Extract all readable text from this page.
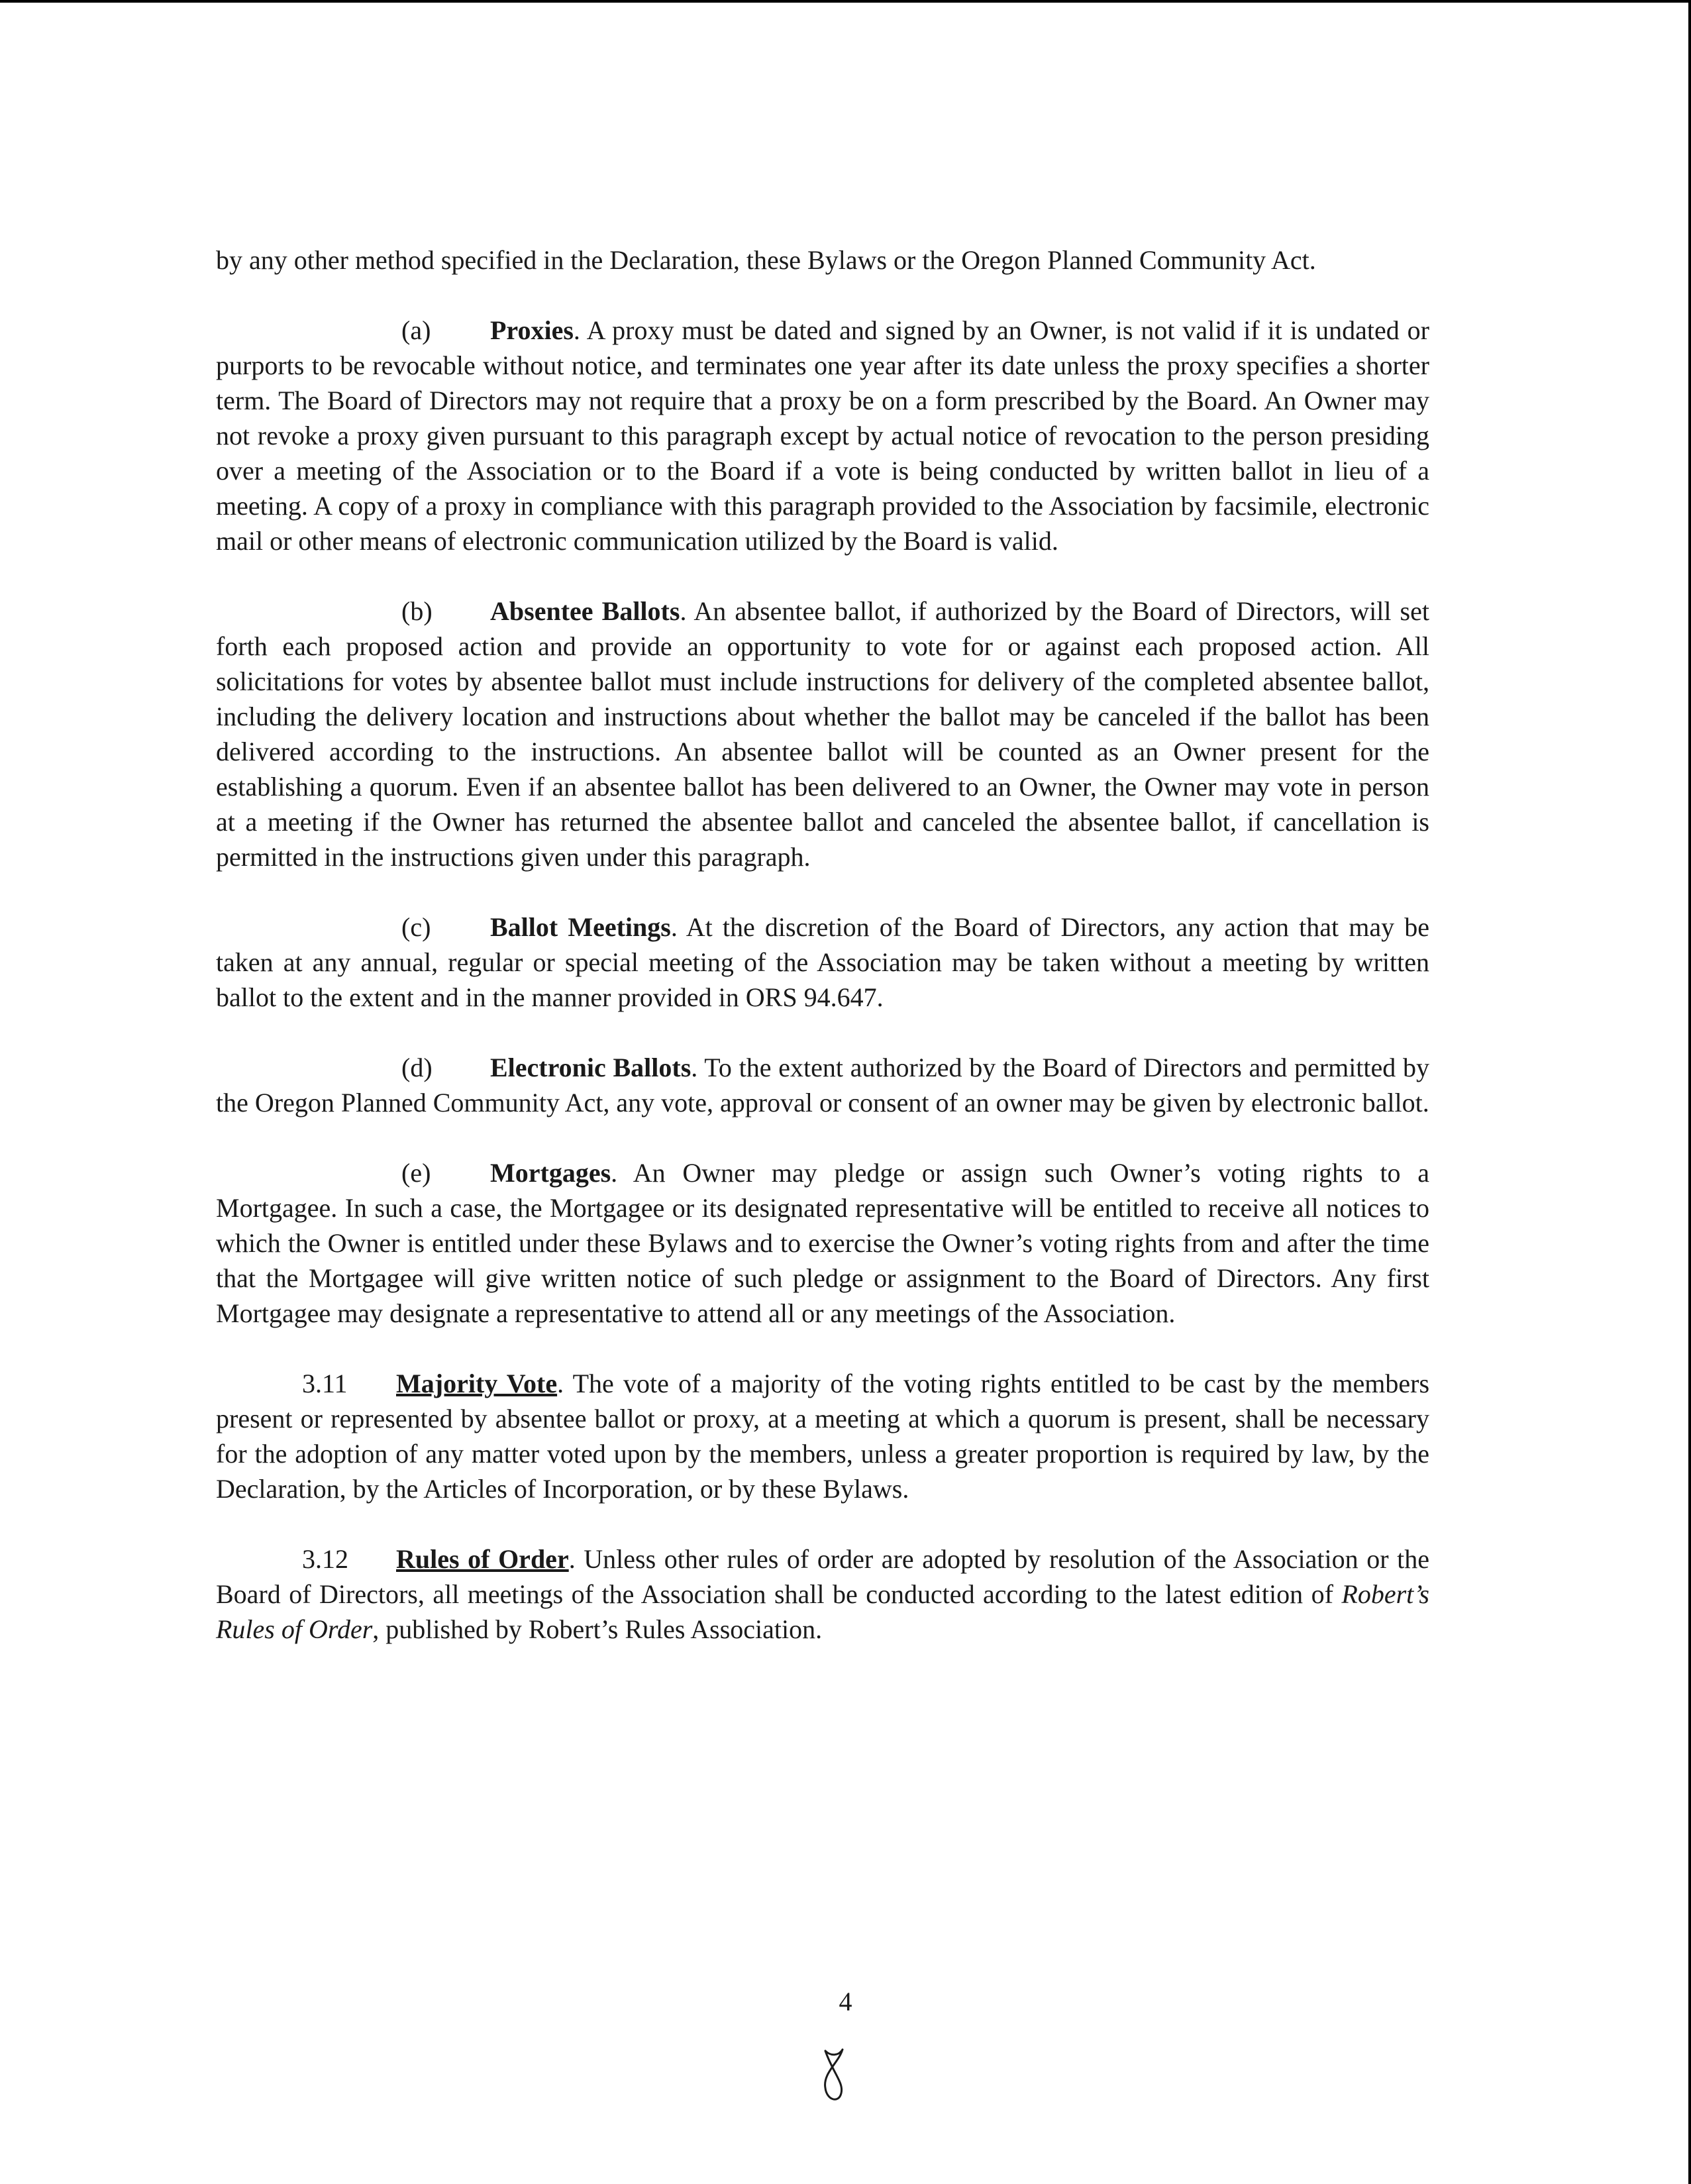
by any other method specified in the Declaration, these Bylaws or the Oregon Planned Community Act.

(a) Proxies. A proxy must be dated and signed by an Owner, is not valid if it is undated or purports to be revocable without notice, and terminates one year after its date unless the proxy specifies a shorter term. The Board of Directors may not require that a proxy be on a form prescribed by the Board. An Owner may not revoke a proxy given pursuant to this paragraph except by actual notice of revocation to the person presiding over a meeting of the Association or to the Board if a vote is being conducted by written ballot in lieu of a meeting. A copy of a proxy in compliance with this paragraph provided to the Association by facsimile, electronic mail or other means of electronic communication utilized by the Board is valid.

(b) Absentee Ballots. An absentee ballot, if authorized by the Board of Directors, will set forth each proposed action and provide an opportunity to vote for or against each proposed action. All solicitations for votes by absentee ballot must include instructions for delivery of the completed absentee ballot, including the delivery location and instructions about whether the ballot may be canceled if the ballot has been delivered according to the instructions. An absentee ballot will be counted as an Owner present for the establishing a quorum. Even if an absentee ballot has been delivered to an Owner, the Owner may vote in person at a meeting if the Owner has returned the absentee ballot and canceled the absentee ballot, if cancellation is permitted in the instructions given under this paragraph.

(c) Ballot Meetings. At the discretion of the Board of Directors, any action that may be taken at any annual, regular or special meeting of the Association may be taken without a meeting by written ballot to the extent and in the manner provided in ORS 94.647.

(d) Electronic Ballots. To the extent authorized by the Board of Directors and permitted by the Oregon Planned Community Act, any vote, approval or consent of an owner may be given by electronic ballot.

(e) Mortgages. An Owner may pledge or assign such Owner’s voting rights to a Mortgagee. In such a case, the Mortgagee or its designated representative will be entitled to receive all notices to which the Owner is entitled under these Bylaws and to exercise the Owner’s voting rights from and after the time that the Mortgagee will give written notice of such pledge or assignment to the Board of Directors. Any first Mortgagee may designate a representative to attend all or any meetings of the Association.

3.11 Majority Vote. The vote of a majority of the voting rights entitled to be cast by the members present or represented by absentee ballot or proxy, at a meeting at which a quorum is present, shall be necessary for the adoption of any matter voted upon by the members, unless a greater proportion is required by law, by the Declaration, by the Articles of Incorporation, or by these Bylaws.

3.12 Rules of Order. Unless other rules of order are adopted by resolution of the Association or the Board of Directors, all meetings of the Association shall be conducted according to the latest edition of Robert’s Rules of Order, published by Robert’s Rules Association.

4
